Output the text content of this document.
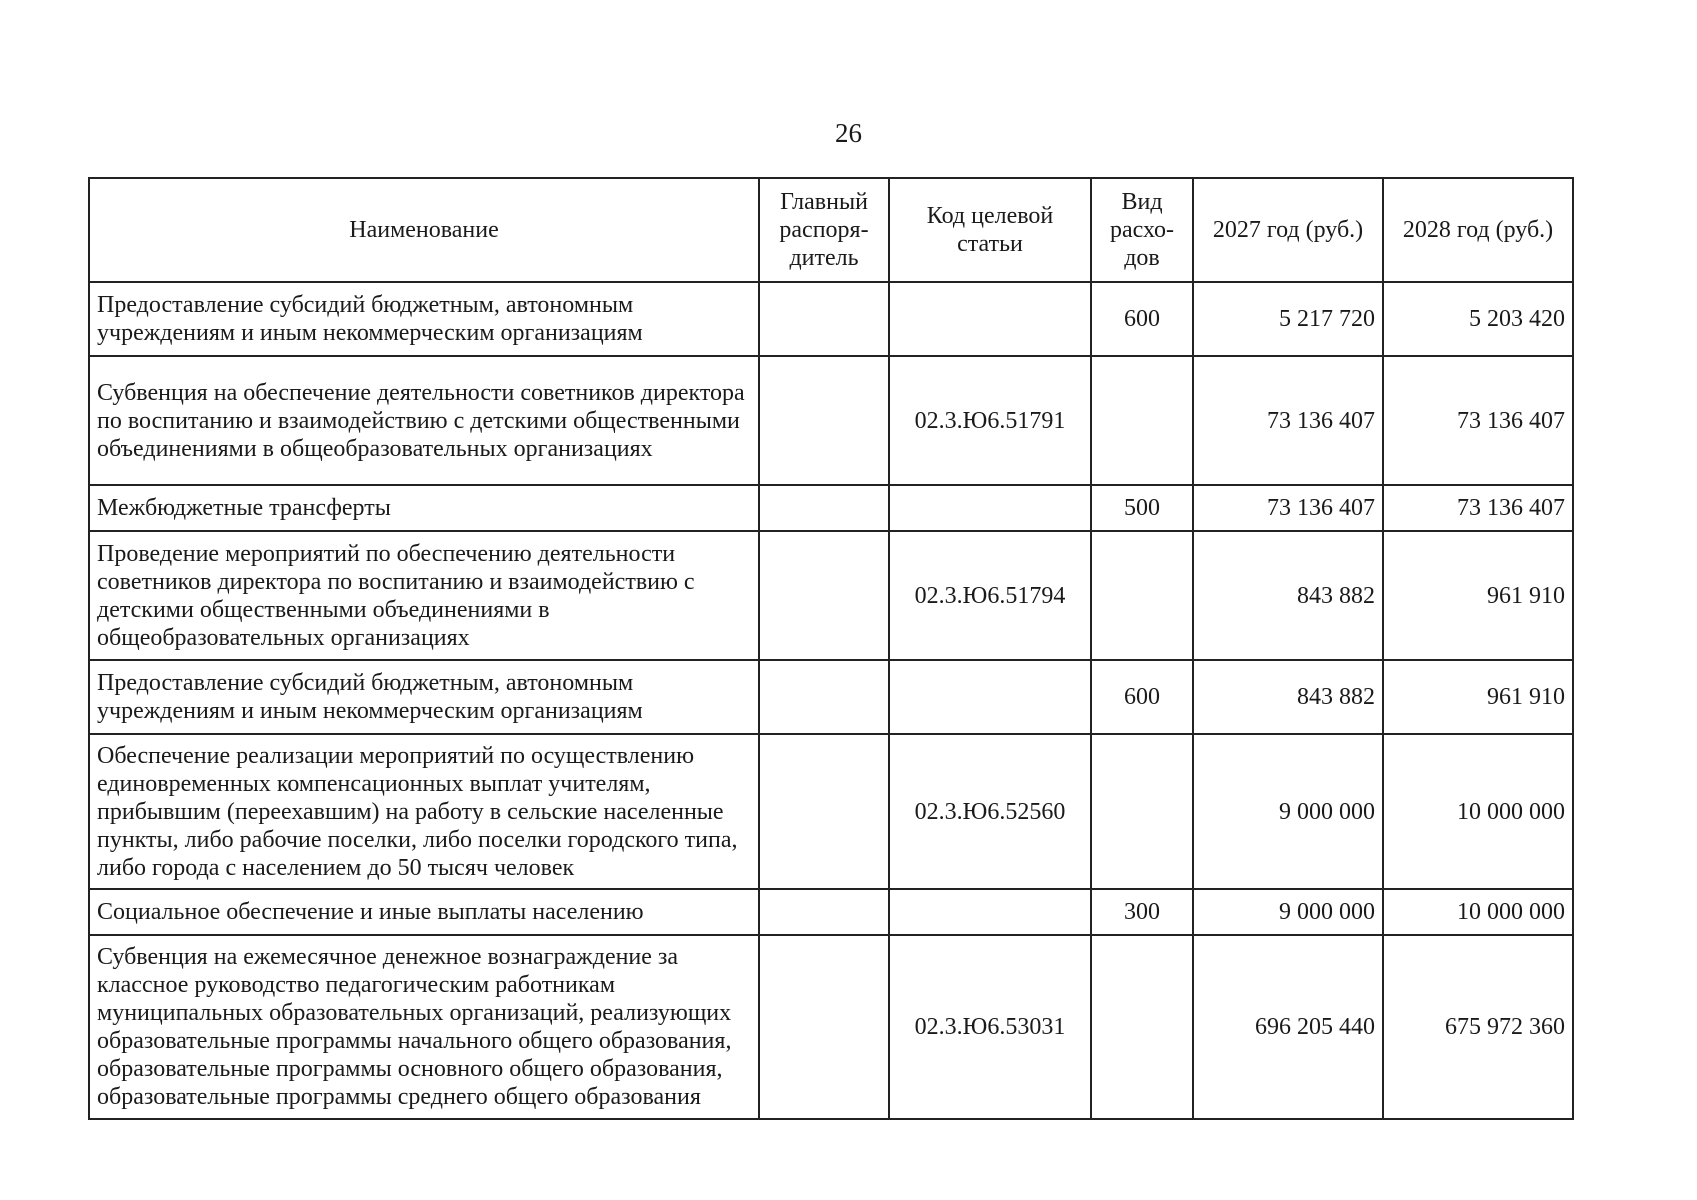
26
Наименование	Главный распоря-дитель	Код целевой статьи	Вид расхо-дов	2027 год (руб.)	2028 год (руб.)
Предоставление субсидий бюджетным, автономным учреждениям и иным некоммерческим организациям			600	5 217 720	5 203 420
Субвенция на обеспечение деятельности советников директора по воспитанию и взаимодействию с детскими общественными объединениями в общеобразовательных организациях		02.3.Ю6.51791		73 136 407	73 136 407
Межбюджетные трансферты			500	73 136 407	73 136 407
Проведение мероприятий по обеспечению деятельности советников директора по воспитанию и взаимодействию с детскими общественными объединениями в общеобразовательных организациях		02.3.Ю6.51794		843 882	961 910
Предоставление субсидий бюджетным, автономным учреждениям и иным некоммерческим организациям			600	843 882	961 910
Обеспечение реализации мероприятий по осуществлению единовременных компенсационных выплат учителям, прибывшим (переехавшим) на работу в сельские населенные пункты, либо рабочие поселки, либо поселки городского типа, либо города с населением до 50 тысяч человек		02.3.Ю6.52560		9 000 000	10 000 000
Социальное обеспечение и иные выплаты населению			300	9 000 000	10 000 000
Субвенция на ежемесячное денежное вознаграждение за классное руководство педагогическим работникам муниципальных образовательных организаций, реализующих образовательные программы начального общего образования, образовательные программы основного общего образования, образовательные программы среднего общего образования		02.3.Ю6.53031		696 205 440	675 972 360
